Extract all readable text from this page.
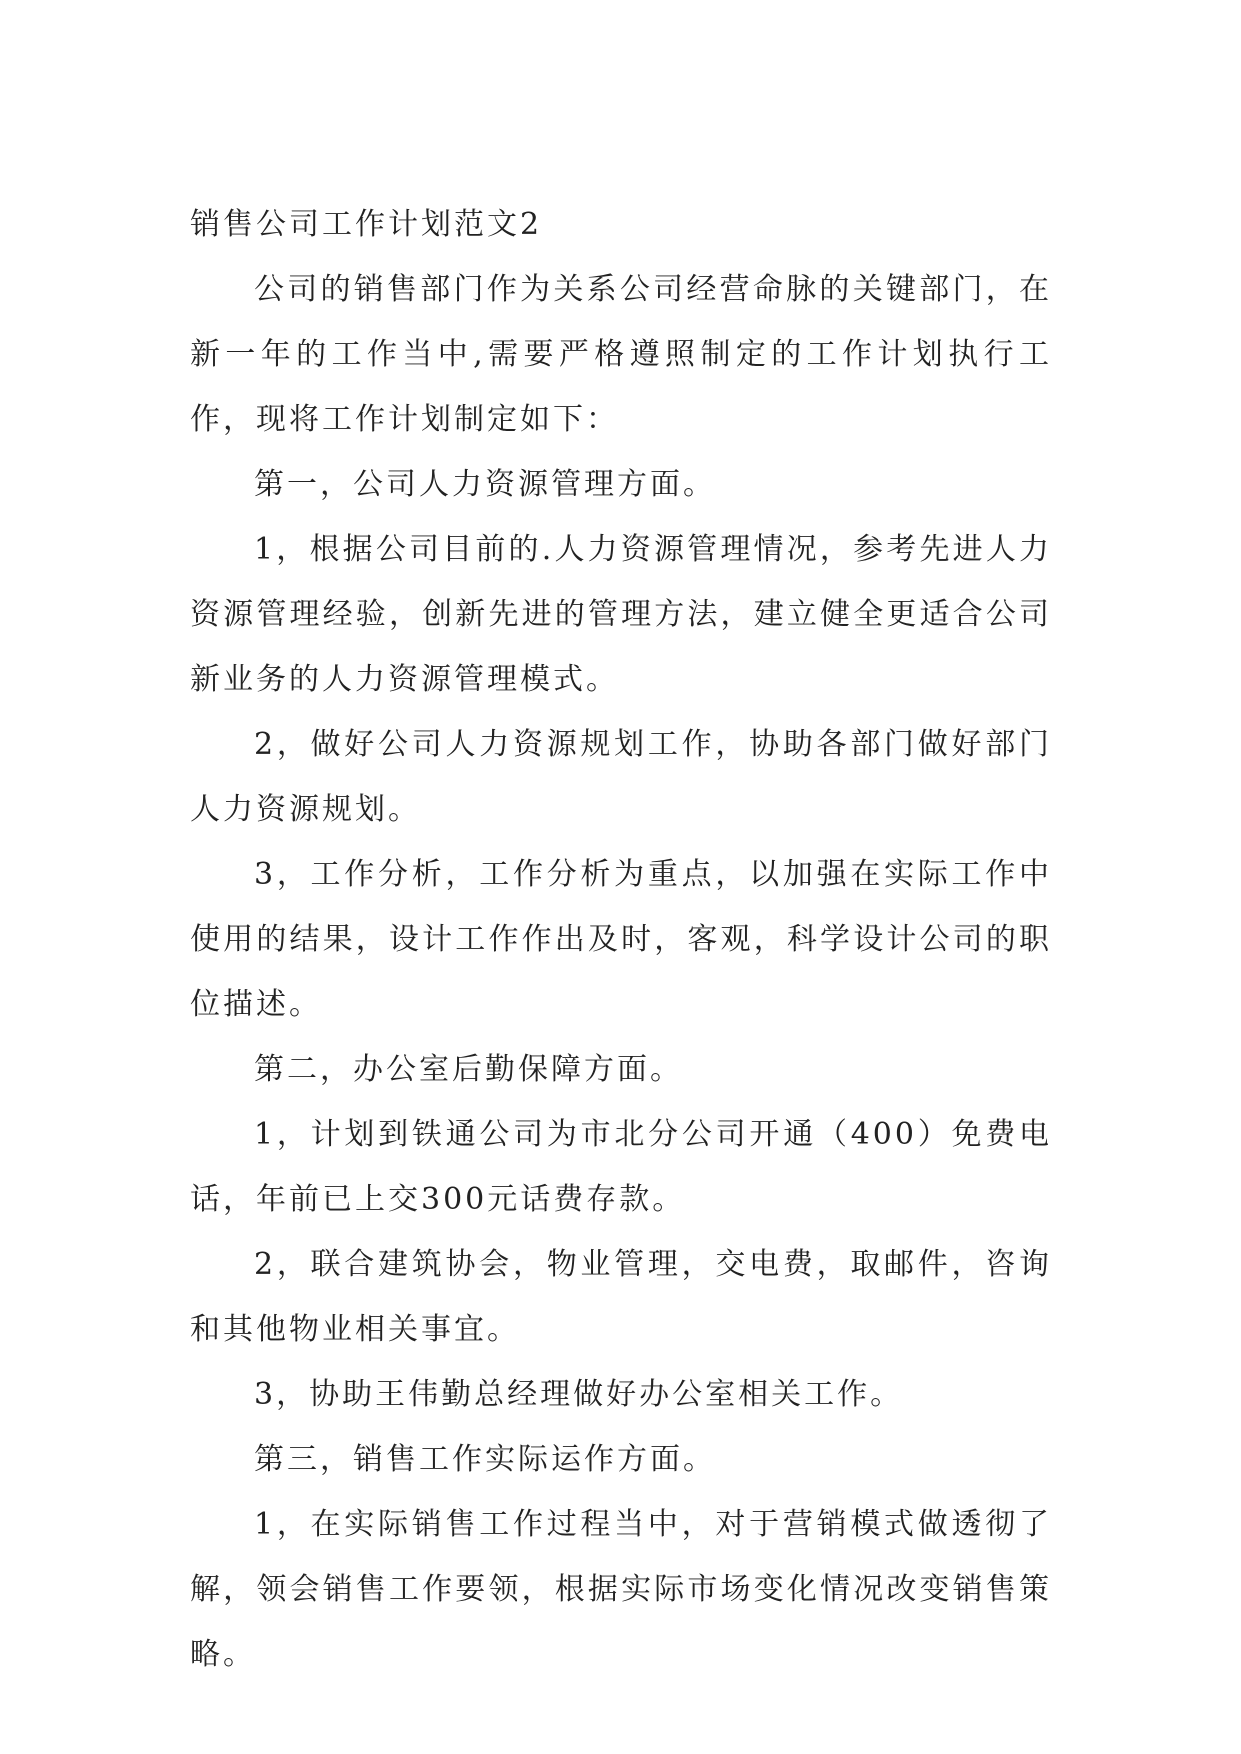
销售公司工作计划范文2

公司的销售部门作为关系公司经营命脉的关键部门，在新一年的工作当中,需要严格遵照制定的工作计划执行工作，现将工作计划制定如下：

第一，公司人力资源管理方面。

1，根据公司目前的.人力资源管理情况，参考先进人力资源管理经验，创新先进的管理方法，建立健全更适合公司新业务的人力资源管理模式。

2，做好公司人力资源规划工作，协助各部门做好部门人力资源规划。

3，工作分析，工作分析为重点，以加强在实际工作中使用的结果，设计工作作出及时，客观，科学设计公司的职位描述。

第二，办公室后勤保障方面。

1，计划到铁通公司为市北分公司开通（400）免费电话，年前已上交300元话费存款。

2，联合建筑协会，物业管理，交电费，取邮件，咨询和其他物业相关事宜。

3，协助王伟勤总经理做好办公室相关工作。

第三，销售工作实际运作方面。

1，在实际销售工作过程当中，对于营销模式做透彻了解，领会销售工作要领，根据实际市场变化情况改变销售策略。
